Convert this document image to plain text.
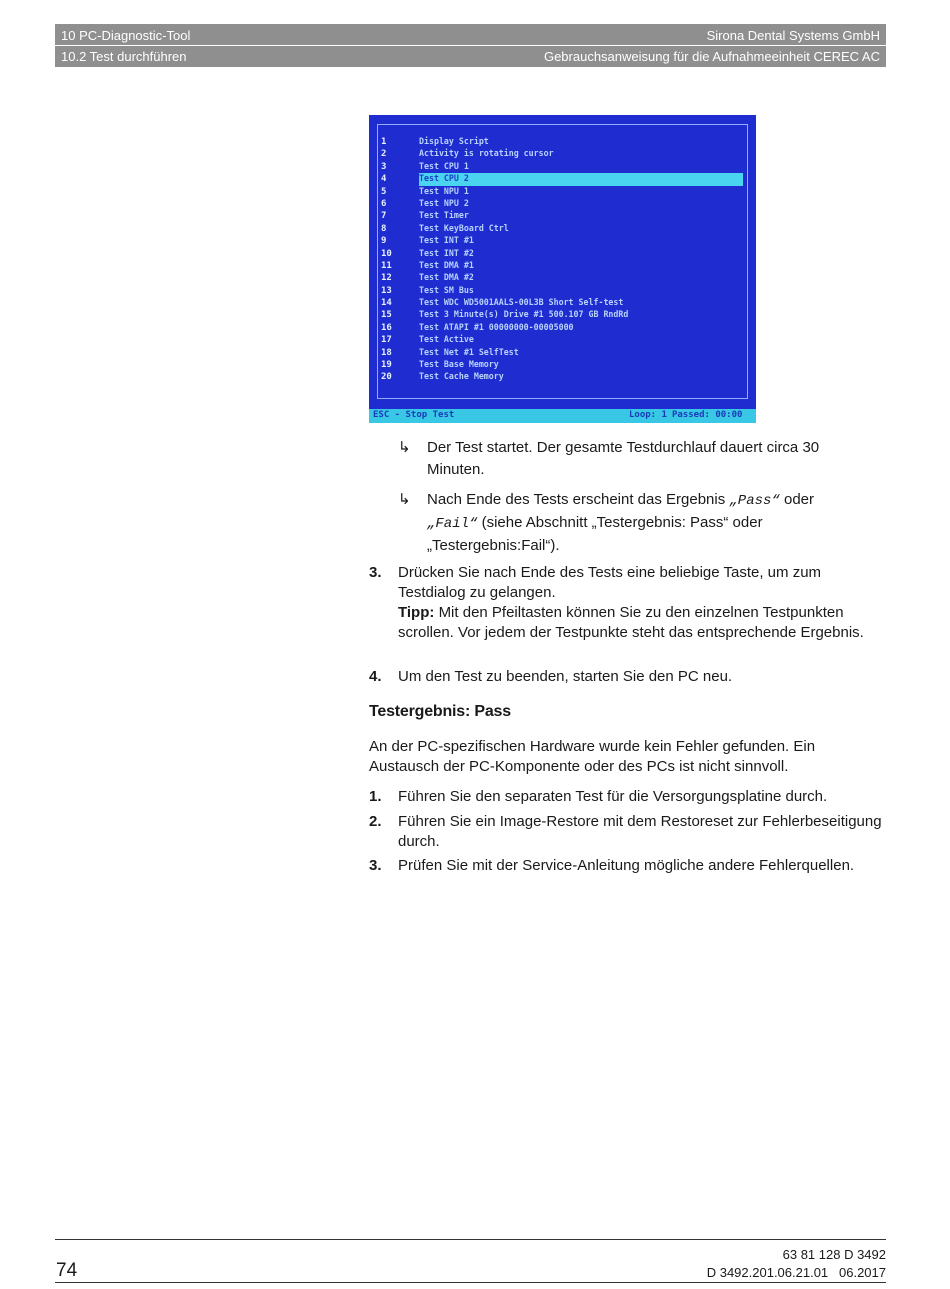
10 PC-Diagnostic-Tool	Sirona Dental Systems GmbH
10.2 Test durchführen	Gebrauchsanweisung für die Aufnahmeeinheit CEREC AC
1	Display Script
2	Activity is rotating cursor
3	Test CPU 1
4	Test CPU 2
5	Test NPU 1
6	Test NPU 2
7	Test Timer
8	Test KeyBoard Ctrl
9	Test INT #1
10	Test INT #2
11	Test DMA #1
12	Test DMA #2
13	Test SM Bus
14	Test WDC WD5001AALS-00L3B Short Self-test
15	Test 3 Minute(s) Drive #1 500.107 GB RndRd
16	Test ATAPI #1 00000000-00005000
17	Test Active
18	Test Net #1 SelfTest
19	Test Base Memory
20	Test Cache Memory
ESC - Stop Test	Loop: 1 Passed: 00:00
↳	Der Test startet. Der gesamte Testdurchlauf dauert circa 30 Minuten.
↳	Nach Ende des Tests erscheint das Ergebnis „Pass“ oder „Fail“ (siehe Abschnitt „Testergebnis: Pass“ oder „Testergebnis:Fail“).
3. Drücken Sie nach Ende des Tests eine beliebige Taste, um zum Testdialog zu gelangen.
Tipp: Mit den Pfeiltasten können Sie zu den einzelnen Testpunkten scrollen. Vor jedem der Testpunkte steht das entsprechende Ergebnis.
4. Um den Test zu beenden, starten Sie den PC neu.
Testergebnis: Pass
An der PC-spezifischen Hardware wurde kein Fehler gefunden. Ein Austausch der PC-Komponente oder des PCs ist nicht sinnvoll.
1. Führen Sie den separaten Test für die Versorgungsplatine durch.
2. Führen Sie ein Image-Restore mit dem Restoreset zur Fehlerbeseitigung durch.
3. Prüfen Sie mit der Service-Anleitung mögliche andere Fehlerquellen.
74
63 81 128 D 3492
D 3492.201.06.21.01 06.2017
